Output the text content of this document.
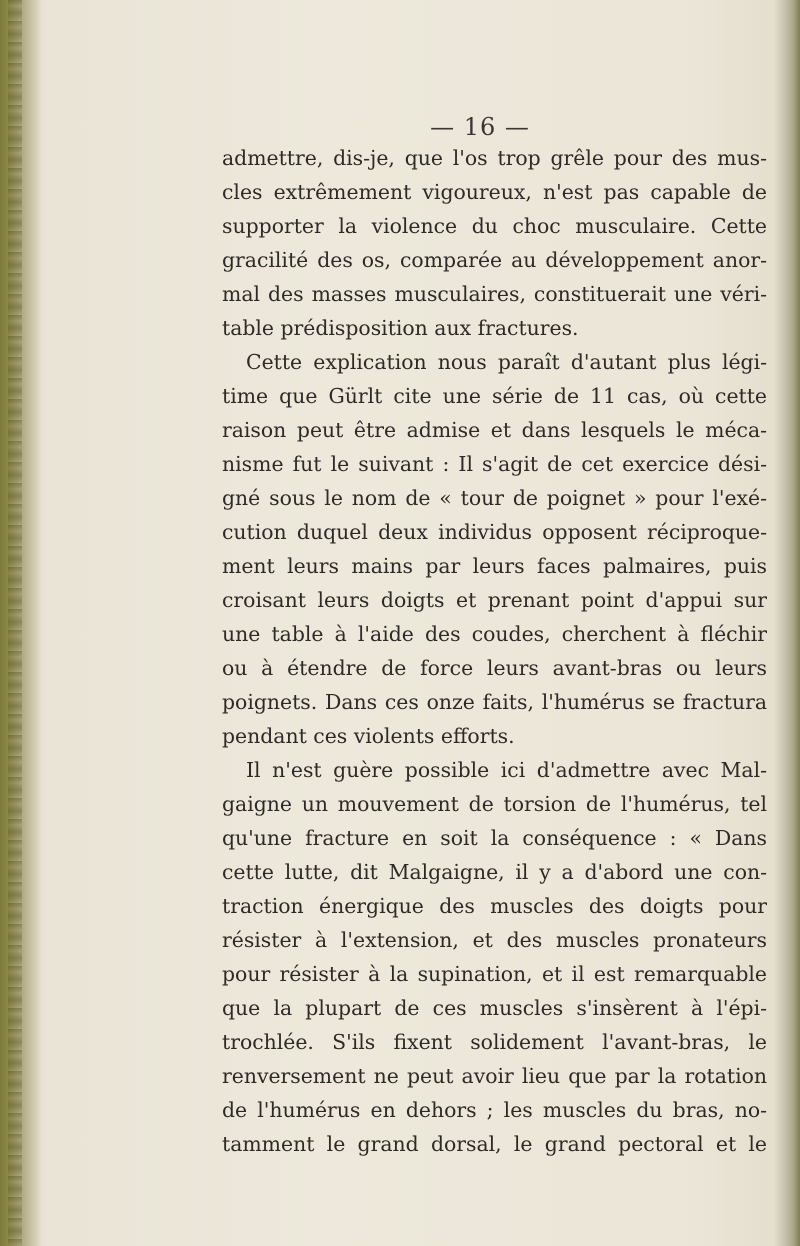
— 16 —
admettre, dis-je, que l'os trop grêle pour des mus-
cles extrêmement vigoureux, n'est pas capable de
supporter la violence du choc musculaire. Cette
gracilité des os, comparée au développement anor-
mal des masses musculaires, constituerait une véri-
table prédisposition aux fractures.
Cette explication nous paraît d'autant plus légi-
time que Gürlt cite une série de 11 cas, où cette
raison peut être admise et dans lesquels le méca-
nisme fut le suivant : Il s'agit de cet exercice dési-
gné sous le nom de « tour de poignet » pour l'exé-
cution duquel deux individus opposent réciproque-
ment leurs mains par leurs faces palmaires, puis
croisant leurs doigts et prenant point d'appui sur
une table à l'aide des coudes, cherchent à fléchir
ou à étendre de force leurs avant-bras ou leurs
poignets. Dans ces onze faits, l'humérus se fractura
pendant ces violents efforts.
Il n'est guère possible ici d'admettre avec Mal-
gaigne un mouvement de torsion de l'humérus, tel
qu'une fracture en soit la conséquence : « Dans
cette lutte, dit Malgaigne, il y a d'abord une con-
traction énergique des muscles des doigts pour
résister à l'extension, et des muscles pronateurs
pour résister à la supination, et il est remarquable
que la plupart de ces muscles s'insèrent à l'épi-
trochlée. S'ils fixent solidement l'avant-bras, le
renversement ne peut avoir lieu que par la rotation
de l'humérus en dehors ; les muscles du bras, no-
tamment le grand dorsal, le grand pectoral et le
